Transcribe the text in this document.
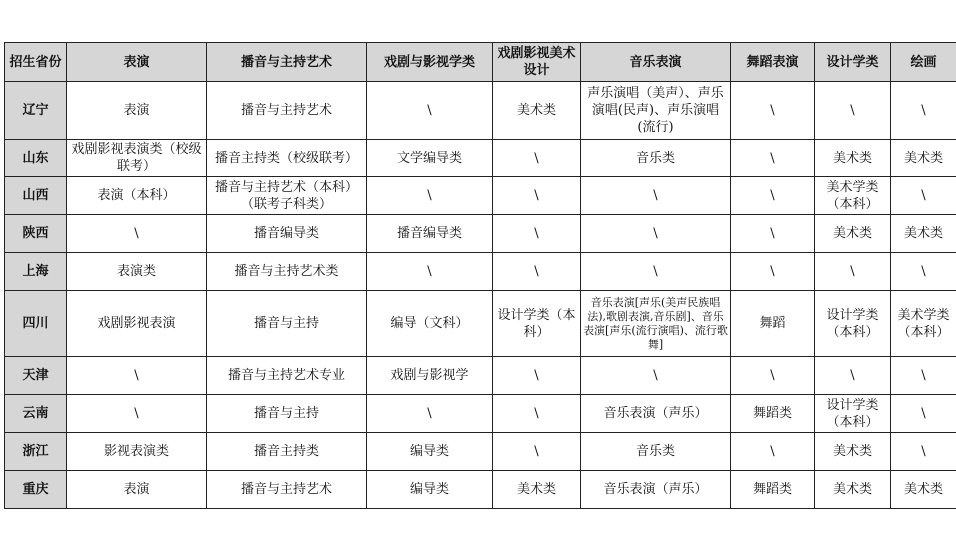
招生省份	表演	播音与主持艺术	戏剧与影视学类	戏剧影视美术设计	音乐表演	舞蹈表演	设计学类	绘画
辽宁	表演	播音与主持艺术	\	美术类	声乐演唱（美声）、声乐演唱(民声)、声乐演唱(流行)	\	\	\
山东	戏剧影视表演类（校级联考）	播音主持类（校级联考）	文学编导类	\	音乐类	\	美术类	美术类
山西	表演（本科）	播音与主持艺术（本科）（联考子科类）	\	\	\	\	美术学类（本科）	\
陕西	\	播音编导类	播音编导类	\	\	\	美术类	美术类
上海	表演类	播音与主持艺术类	\	\	\	\	\	\
四川	戏剧影视表演	播音与主持	编导（文科）	设计学类（本科）	音乐表演[声乐(美声民族唱法),歌剧表演,音乐剧]、音乐表演[声乐(流行演唱)、流行歌舞]	舞蹈	设计学类（本科）	美术学类（本科）
天津	\	播音与主持艺术专业	戏剧与影视学	\	\	\	\	\
云南	\	播音与主持	\	\	音乐表演（声乐）	舞蹈类	设计学类（本科）	\
浙江	影视表演类	播音主持类	编导类	\	音乐类	\	美术类	\
重庆	表演	播音与主持艺术	编导类	美术类	音乐表演（声乐）	舞蹈类	美术类	美术类
